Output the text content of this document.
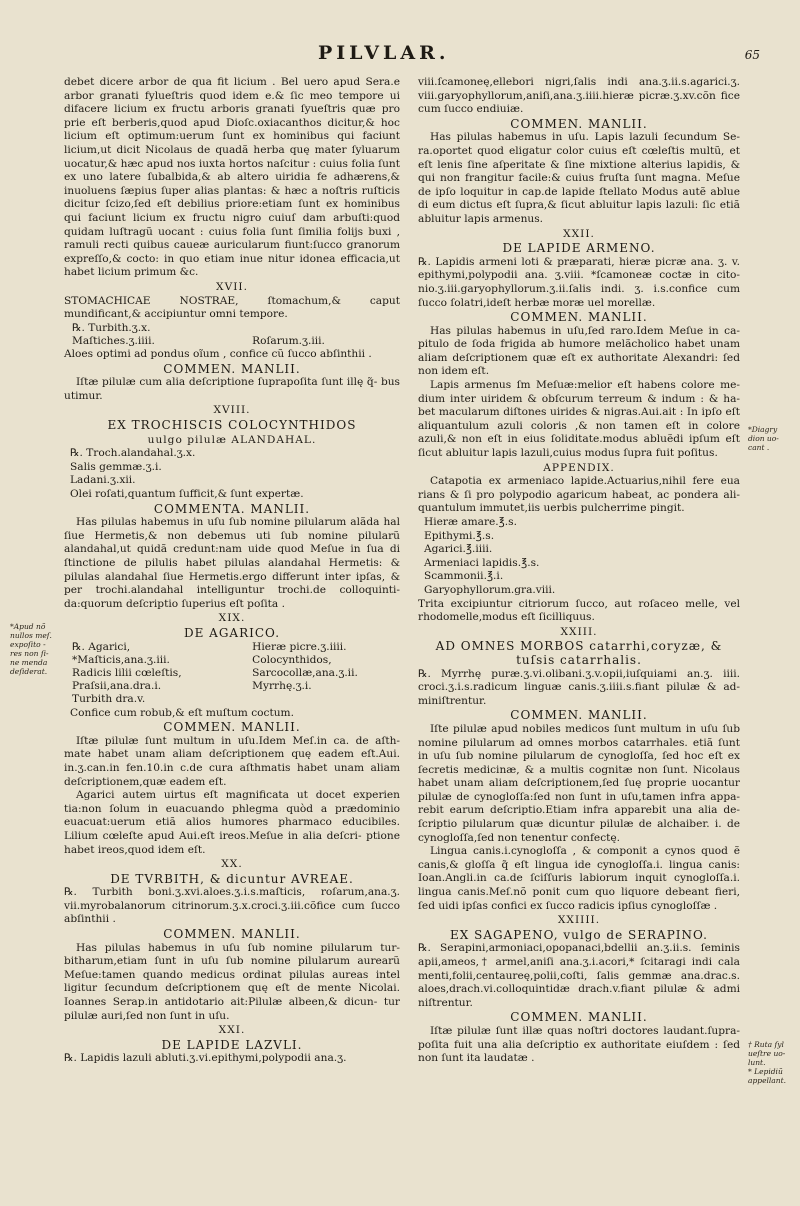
PILVLAR.	65

debet dicere arbor de qua fit licium . Bel uero apud Sera.e arbor granati fylueſtris quod idem e.& ſic meo tempore ui difacere licium ex fructu arboris granati ſyueſtris quæ pro prie eſt berberis,quod apud Dioſc.oxiacanthos dicitur,& hoc licium eſt optimum:uerum ſunt ex hominibus qui faciunt licium,ut dicit Nicolaus de quadã herba quę mater ſyluarum uocatur,& hæc apud nos iuxta hortos naſcitur : cuius folia ſunt ex uno latere ſubalbida,& ab altero uiridia fe adhærens,& inuoluens ſæpius ſuper alias plantas: & hæc a noſtris ruſticis dicitur ſcizo,ſed eſt debilius priore:etiam ſunt ex hominibus qui faciunt licium ex fructu nigro cuiuſ dam arbuſti:quod quidam luſtragũ uocant : cuius folia ſunt ſimilia folijs buxi , ramuli recti quibus caueæ auricularum fiunt:ſucco granorum expreſſo,& cocto: in quo etiam inue nitur idonea efficacia,ut habet licium primum &c.

XVII.

STOMACHICAE NOSTRAE, ſtomachum,& caput mundificant,& accipiuntur omni tempore.

℞. Turbith.ʒ.x.	
Maſtiches.ʒ.iiii.	Roſarum.ʒ.iii.

Aloes optimi ad pondus oĩum , confice cũ ſucco abſinthii .

COMMEN. MANLII.

Iſtæ pilulæ cum alia deſcriptione ſuprapoſita ſunt illę q̃- bus utimur.

XVIII.

EX TROCHISCIS COLOCYNTHIDOS

uulgo pilulæ ALANDAHAL.

℞. Troch.alandahal.ʒ.x.

Salis gemmæ.ʒ.i.

Ladani.ʒ.xii.

Olei roſati,quantum ſufficit,& ſunt expertæ.

COMMENTA. MANLII.

Has pilulas habemus in uſu ſub nomine pilularum alãda hal ſiue Hermetis,& non debemus uti ſub nomine pilularũ alandahal,ut quidã credunt:nam uide quod Meſue in ſua di ſtinctione de pilulis habet pilulas alandahal Hermetis: & pilulas alandahal ſiue Hermetis.ergo differunt inter ipſas, & per trochi.alandahal intelliguntur trochi.de colloquinti- da:quorum deſcriptio ſuperius eſt poſita .

XIX.

DE AGARICO.

℞. Agarici,	Hieræ picre.ʒ.iiii.
*Maſticis,ana.ʒ.iii.	Colocynthidos,
Radicis lilii cœleſtis,	Sarcocollæ,ana.ʒ.ii.
Praſsii,ana.dra.i.	Myrrhę.ʒ.i.
Turbith dra.v.	

Confice cum robub,& eſt muſtum coctum.

COMMEN. MANLII.

Iſtæ pilulæ ſunt multum in uſu.Idem Meſ.in ca. de aſth- mate habet unam aliam deſcriptionem quę eadem eſt.Aui. in.ʒ.can.in fen.10.in c.de cura aſthmatis habet unam aliam deſcriptionem,quæ eadem eſt.

Agarici autem uirtus eſt magnificata ut docet experien tia:non ſolum in euacuando phlegma quòd a prædominio euacuat:uerum etiã alios humores pharmaco educibiles. Lilium cœleſte apud Aui.eſt ireos.Meſue in alia deſcri- ptione habet ireos,quod idem eſt.

XX.

DE TVRBITH, & dicuntur AVREAE.

℞. Turbith boni.ʒ.xvi.aloes.ʒ.i.s.maſticis, roſarum,ana.ʒ. vii.myrobalanorum citrinorum.ʒ.x.croci.ʒ.iii.cõfice cum ſucco abſinthii .

COMMEN. MANLII.

Has pilulas habemus in uſu ſub nomine pilularum tur- bitharum,etiam ſunt in uſu ſub nomine pilularum aurearũ Meſue:tamen quando medicus ordinat pilulas aureas intel ligitur ſecundum deſcriptionem quę eſt de mente Nicolai. Ioannes Serap.in antidotario ait:Pilulæ albeen,& dicun- tur pilulæ auri,ſed non ſunt in uſu.

XXI.

DE LAPIDE LAZVLI.

℞. Lapidis lazuli abluti.ʒ.vi.epithymi,polypodii ana.ʒ.

viii.ſcamoneę,ellebori nigri,ſalis indi ana.ʒ.ii.s.agarici.ʒ. viii.garyophyllorum,aniſi,ana.ʒ.iiii.hieræ picræ.ʒ.xv.cõn fice cum ſucco endiuiæ.

COMMEN. MANLII.

Has pilulas habemus in uſu. Lapis lazuli ſecundum Se- ra.oportet quod eligatur color cuius eſt cœleſtis multũ, et eſt lenis ſine aſperitate & ſine mixtione alterius lapidis, & qui non frangitur facile:& cuius fruſta ſunt magna. Meſue de ipſo loquitur in cap.de lapide ſtellato Modus autẽ ablue di eum dictus eſt ſupra,& ſicut abluitur lapis lazuli: ſic etiã abluitur lapis armenus.

XXII.

DE LAPIDE ARMENO.

℞. Lapidis armeni loti & præparati, hieræ picræ ana. ʒ. v. epithymi,polypodii ana. ʒ.viii. *ſcamoneæ coctæ in cito- nio.ʒ.iii.garyophyllorum.ʒ.ii.ſalis indi. ʒ. i.s.confice cum ſucco ſolatri,ideſt herbæ moræ uel morellæ.

COMMEN. MANLII.

Has pilulas habemus in uſu,ſed raro.Idem Meſue in ca- pitulo de ſoda frigida ab humore melãcholico habet unam aliam deſcriptionem quæ eſt ex authoritate Alexandri: ſed non idem eſt.

Lapis armenus ſm Meſuæ:melior eſt habens colore me- dium inter uiridem & obſcurum terreum & indum : & ha- bet macularum diſtones uirides & nigras.Aui.ait : In ipſo eſt aliquantulum azuli coloris ,& non tamen eſt in colore azuli,& non eſt in eius ſoliditate.modus abluẽdi ipſum eſt ſicut abluitur lapis lazuli,cuius modus ſupra fuit poſitus.

APPENDIX.

Catapotia ex armeniaco lapide.Actuarius,nihil fere eua rians & ſi pro polypodio agaricum habeat, ac pondera ali- quantulum immutet,iis uerbis pulcherrime pingit.

Hieræ amare.℥.s.

Epithymi.℥.s.

Agarici.℥.iiii.

Armeniaci lapidis.℥.s.

Scammonii.℥.i.

Garyophyllorum.gra.viii.

Trita excipiuntur citriorum ſucco, aut roſaceo melle, vel rhodomelle,modus eſt ſicilliquus.

XXIII.

AD OMNES MORBOS catarrhi,coryzæ, & tuſsis catarrhalis.

℞. Myrrhę puræ.ʒ.vi.olibani.ʒ.v.opii,iuſquiami an.ʒ. iiii. croci.ʒ.i.s.radicum linguæ canis.ʒ.iiii.s.fiant pilulæ & ad- miniſtrentur.

COMMEN. MANLII.

Iſte pilulæ apud nobiles medicos ſunt multum in uſu ſub nomine pilularum ad omnes morbos catarrhales. etiã ſunt in uſu ſub nomine pilularum de cynogloſſa, ſed hoc eſt ex ſecretis medicinæ, & a multis cognitæ non ſunt. Nicolaus habet unam aliam deſcriptionem,ſed ſuę proprie uocantur pilulæ de cynogloſſa:ſed non ſunt in uſu,tamen infra appa- rebit earum deſcriptio.Etiam infra apparebit una alia de- ſcriptio pilularum quæ dicuntur pilulæ de alchaiber. i. de cynogloſſa,ſed non tenentur confectę.

Lingua canis.i.cynogloſſa , & componit a cynos quod ẽ canis,& gloſſa q̃ eſt lingua ide cynogloſſa.i. lingua canis: Ioan.Angli.in ca.de ſciſſuris labiorum inquit cynogloſſa.i. lingua canis.Meſ.nõ ponit cum quo liquore debeant fieri, ſed uidi ipſas confici ex ſucco radicis ipſius cynogloſſæ .

XXIIII.

EX SAGAPENO, vulgo de SERAPINO.

℞. Serapini,armoniaci,opopanaci,bdellii an.ʒ.ii.s. ſeminis apii,ameos,† armel,aniſi ana.ʒ.i.acori,* ſcitaragi indi cala menti,folii,centaureę,polii,coſti, ſalis gemmæ ana.drac.s. aloes,drach.vi.colloquintidæ drach.v.fiant pilulæ & admi niſtrentur.

COMMEN. MANLII.

Iſtæ pilulæ ſunt illæ quas noſtri doctores laudant.ſupra- poſita fuit una alia deſcriptio ex authoritate eiuſdem : ſed non ſunt ita laudatæ .

*Apud nõ
nullos meſ.
expoſito -
res non ſi-
ne menda
deſiderat.
*Diagry
dion uo-
cant .
† Ruta ſyl
ueſtre uo-
lunt.
* Lepidiũ
appellant.
